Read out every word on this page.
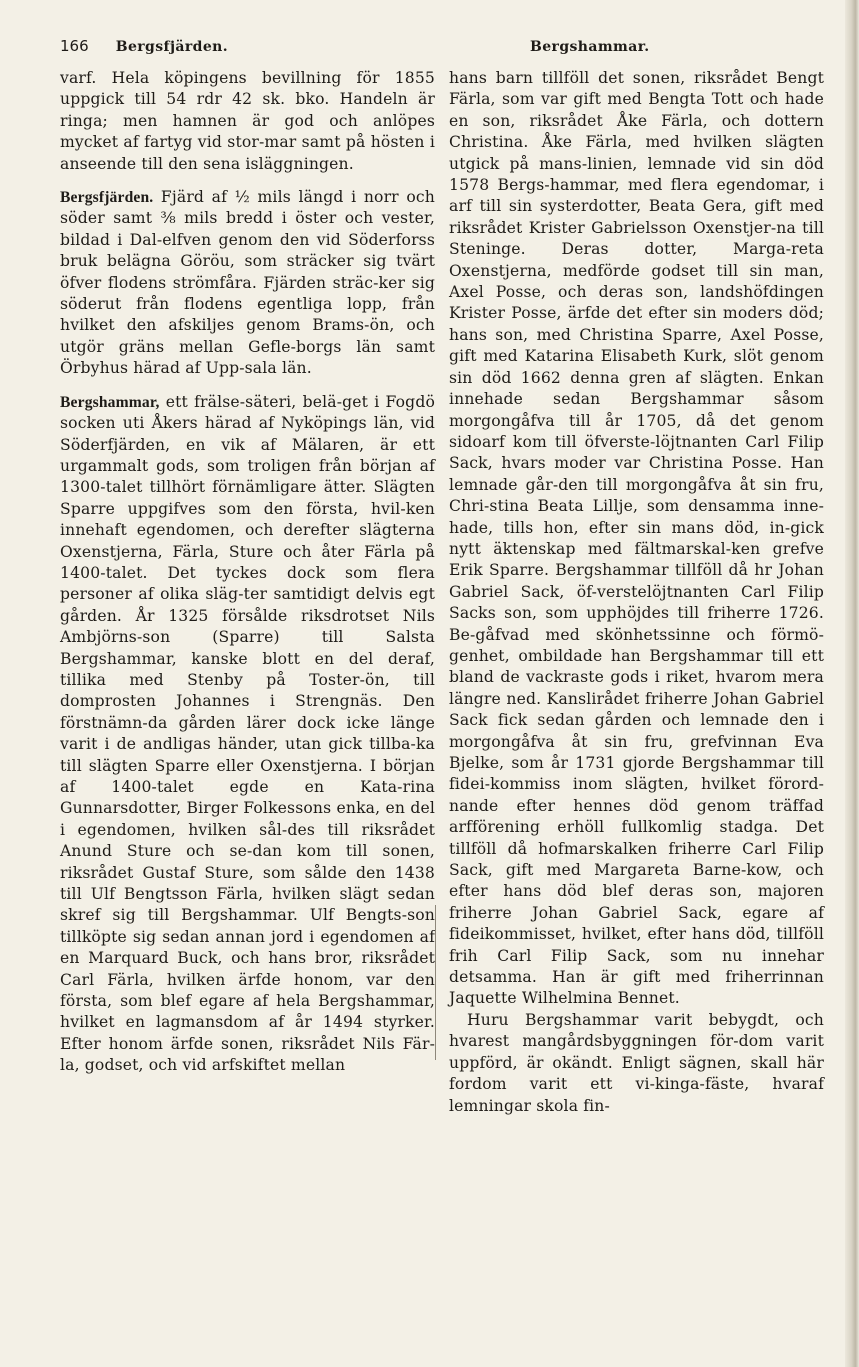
166 Bergsfjärden.	Bergshammar.

varf. Hela köpingens bevillning för 1855 uppgick till 54 rdr 42 sk. bko. Handeln är ringa; men hamnen är god och anlöpes mycket af fartyg vid stor-mar samt på hösten i anseende till den sena isläggningen.

Bergsfjärden. Fjärd af ½ mils längd i norr och söder samt ⅜ mils bredd i öster och vester, bildad i Dal-elfven genom den vid Söderforss bruk belägna Göröu, som sträcker sig tvärt öfver flodens strömfåra. Fjärden sträc-ker sig söderut från flodens egentliga lopp, från hvilket den afskiljes genom Brams-ön, och utgör gräns mellan Gefle-borgs län samt Örbyhus härad af Upp-sala län.

Bergshammar, ett frälse-säteri, belä-get i Fogdö socken uti Åkers härad af Nyköpings län, vid Söderfjärden, en vik af Mälaren, är ett urgammalt gods, som troligen från början af 1300-talet tillhört förnämligare ätter. Slägten Sparre uppgifves som den första, hvil-ken innehaft egendomen, och derefter slägterna Oxenstjerna, Färla, Sture och åter Färla på 1400-talet. Det tyckes dock som flera personer af olika släg-ter samtidigt delvis egt gården. År 1325 försålde riksdrotset Nils Ambjörns-son (Sparre) till Salsta Bergshammar, kanske blott en del deraf, tillika med Stenby på Toster-ön, till domprosten Johannes i Strengnäs. Den förstnämn-da gården lärer dock icke länge varit i de andligas händer, utan gick tillba-ka till slägten Sparre eller Oxenstjerna. I början af 1400-talet egde en Kata-rina Gunnarsdotter, Birger Folkessons enka, en del i egendomen, hvilken sål-des till riksrådet Anund Sture och se-dan kom till sonen, riksrådet Gustaf Sture, som sålde den 1438 till Ulf Bengtsson Färla, hvilken slägt sedan skref sig till Bergshammar. Ulf Bengts-son tillköpte sig sedan annan jord i egendomen af en Marquard Buck, och hans bror, riksrådet Carl Färla, hvilken ärfde honom, var den första, som blef egare af hela Bergshammar, hvilket en lagmansdom af år 1494 styrker. Efter honom ärfde sonen, riksrådet Nils Fär-la, godset, och vid arfskiftet mellan

hans barn tillföll det sonen, riksrådet Bengt Färla, som var gift med Bengta Tott och hade en son, riksrådet Åke Färla, och dottern Christina. Åke Färla, med hvilken slägten utgick på mans-linien, lemnade vid sin död 1578 Bergs-hammar, med flera egendomar, i arf till sin systerdotter, Beata Gera, gift med riksrådet Krister Gabrielsson Oxenstjer-na till Steninge. Deras dotter, Marga-reta Oxenstjerna, medförde godset till sin man, Axel Posse, och deras son, landshöfdingen Krister Posse, ärfde det efter sin moders död; hans son, med Christina Sparre, Axel Posse, gift med Katarina Elisabeth Kurk, slöt genom sin död 1662 denna gren af slägten. Enkan innehade sedan Bergshammar såsom morgongåfva till år 1705, då det genom sidoarf kom till öfverste-löjtnanten Carl Filip Sack, hvars moder var Christina Posse. Han lemnade går-den till morgongåfva åt sin fru, Chri-stina Beata Lillje, som densamma inne-hade, tills hon, efter sin mans död, in-gick nytt äktenskap med fältmarskal-ken grefve Erik Sparre. Bergshammar tillföll då hr Johan Gabriel Sack, öf-verstelöjtnanten Carl Filip Sacks son, som upphöjdes till friherre 1726. Be-gåfvad med skönhetssinne och förmö-genhet, ombildade han Bergshammar till ett bland de vackraste gods i riket, hvarom mera längre ned. Kanslirådet friherre Johan Gabriel Sack fick sedan gården och lemnade den i morgongåfva åt sin fru, grefvinnan Eva Bjelke, som år 1731 gjorde Bergshammar till fidei-kommiss inom slägten, hvilket förord-nande efter hennes död genom träffad arfförening erhöll fullkomlig stadga. Det tillföll då hofmarskalken friherre Carl Filip Sack, gift med Margareta Barne-kow, och efter hans död blef deras son, majoren friherre Johan Gabriel Sack, egare af fideikommisset, hvilket, efter hans död, tillföll frih Carl Filip Sack, som nu innehar detsamma. Han är gift med friherrinnan Jaquette Wilhelmina Bennet.

Huru Bergshammar varit bebygdt, och hvarest mangårdsbyggningen för-dom varit uppförd, är okändt. Enligt sägnen, skall här fordom varit ett vi-kinga-fäste, hvaraf lemningar skola fin-
